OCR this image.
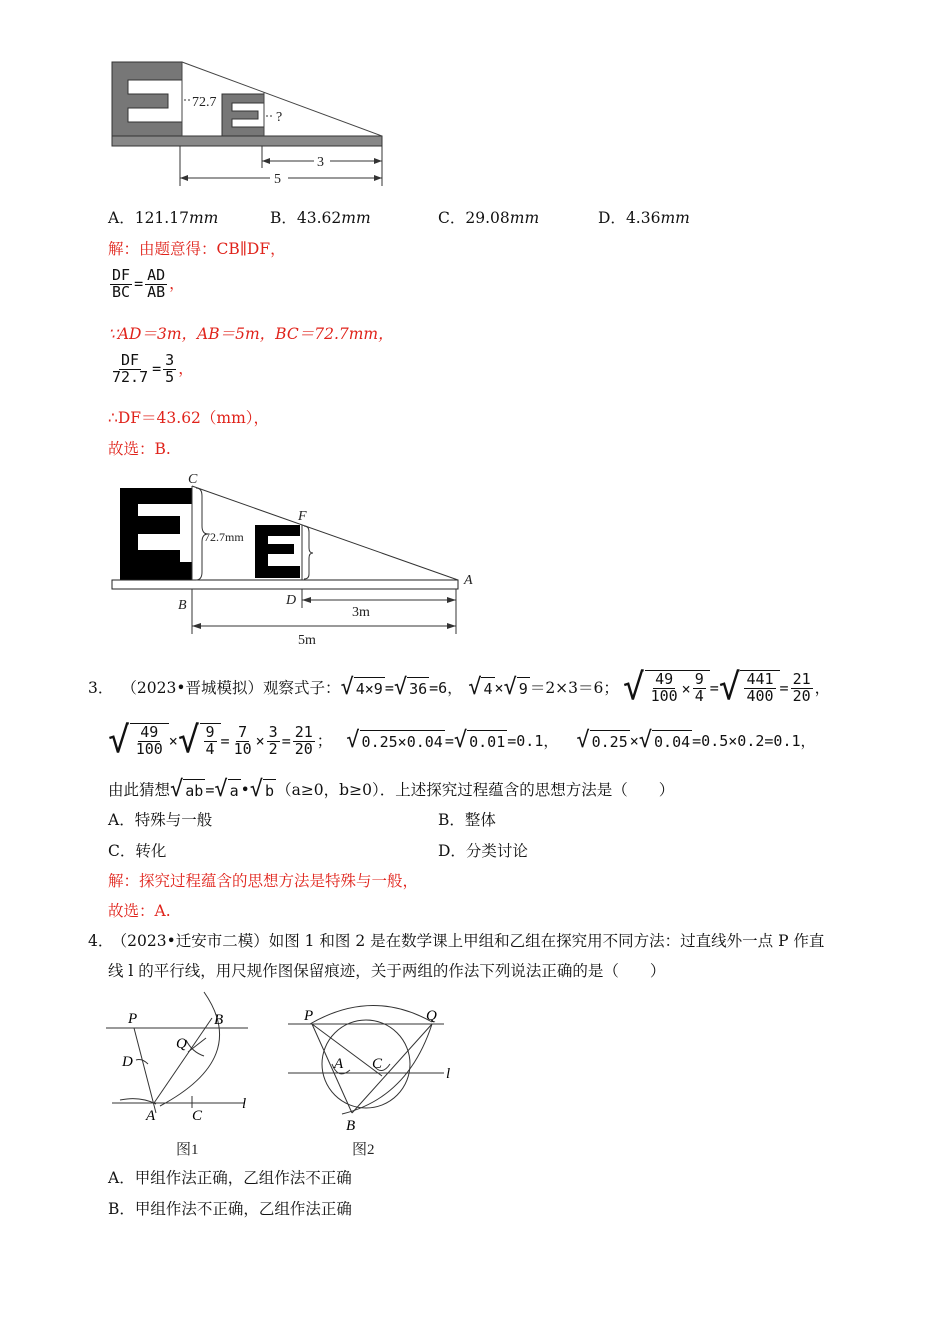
72.7
?
3
5
A．121.17mm	B．43.62mm	C．29.08mm	D．4.36mm
解：由题意得：CB∥DF，
$\frac{DF}{BC} = \frac{AD}{AB}$ ，
∵AD＝3m，AB＝5m，BC＝72.7mm，
$\frac{DF}{72.7} = \frac{3}{5}$ ，
∴DF＝43.62（mm），
故选：B.
C
F
72.7mm
A
B	D
3m
5m
3． （2023•晋城模拟）观察式子： √ 4×9 = √ 36 =6， √ 4 × √ 9 ＝2×3＝6； √ $\frac{49}{100} \times \frac{9}{4}$ = √ $\frac{441}{400} = \frac{21}{20}$ ，
√ $\frac{49}{100}$ × √ $\frac{9}{4} = \frac{7}{10} \times \frac{3}{2} = \frac{21}{20}$ ； √ 0.25×0.04 = √ 0.01 =0.1， √ 0.25 × √ 0.04 =0.5×0.2=0.1，
由此猜想 √ ab = √ a • √ b （a≥0，b≥0）．上述探究过程蕴含的思想方法是（　　）
A．特殊与一般	B．整体
C．转化	D．分类讨论
解：探究过程蕴含的思想方法是特殊与一般，
故选：A.
4． （2023•迁安市二模）如图 1 和图 2 是在数学课上甲组和乙组在探究用不同方法：过直线外一点 P 作直
线 l 的平行线，用尺规作图保留痕迹，关于两组的作法下列说法正确的是（　　）
P	B
Q
D
A C
l
图1
P	Q
A C
l
B
图2
A．甲组作法正确，乙组作法不正确
B．甲组作法不正确，乙组作法正确
